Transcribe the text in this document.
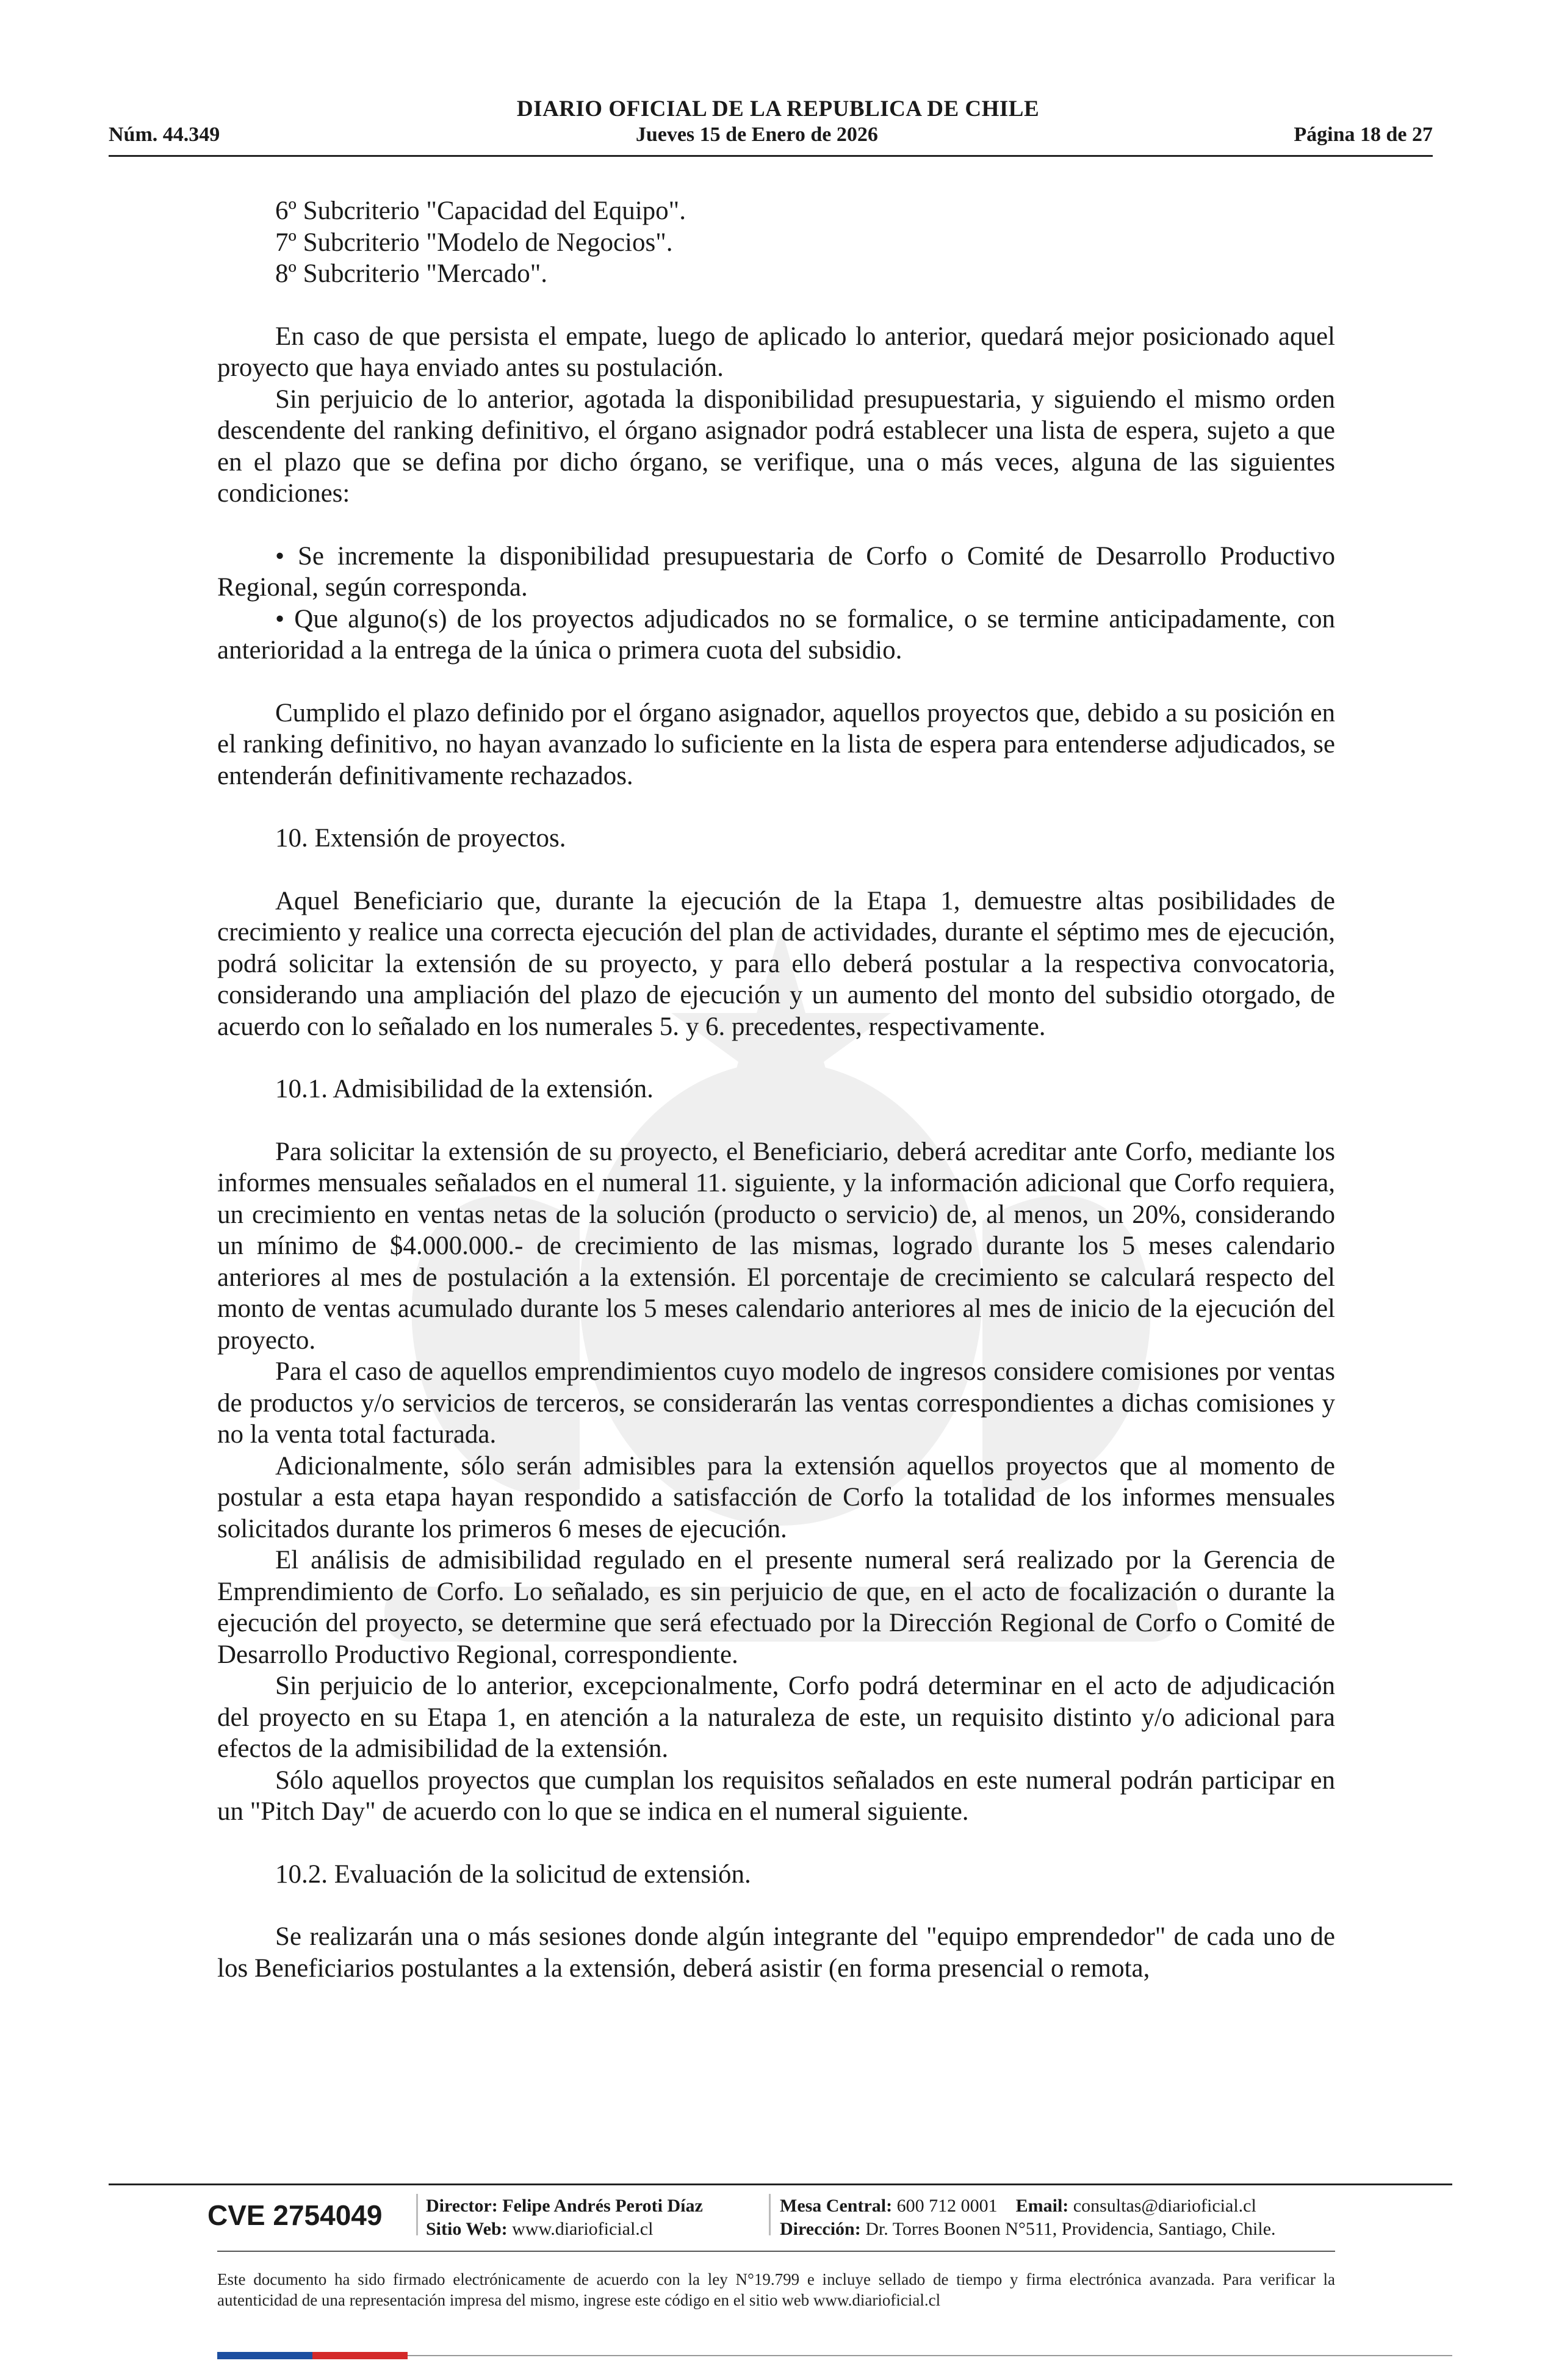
DIARIO OFICIAL DE LA REPUBLICA DE CHILE
Núm. 44.349	Jueves 15 de Enero de 2026	Página 18 de 27

6º Subcriterio "Capacidad del Equipo".

7º Subcriterio "Modelo de Negocios".

8º Subcriterio "Mercado".

En caso de que persista el empate, luego de aplicado lo anterior, quedará mejor posicionado aquel proyecto que haya enviado antes su postulación.

Sin perjuicio de lo anterior, agotada la disponibilidad presupuestaria, y siguiendo el mismo orden descendente del ranking definitivo, el órgano asignador podrá establecer una lista de espera, sujeto a que en el plazo que se defina por dicho órgano, se verifique, una o más veces, alguna de las siguientes condiciones:

• Se incremente la disponibilidad presupuestaria de Corfo o Comité de Desarrollo Productivo Regional, según corresponda.

• Que alguno(s) de los proyectos adjudicados no se formalice, o se termine anticipadamente, con anterioridad a la entrega de la única o primera cuota del subsidio.

Cumplido el plazo definido por el órgano asignador, aquellos proyectos que, debido a su posición en el ranking definitivo, no hayan avanzado lo suficiente en la lista de espera para entenderse adjudicados, se entenderán definitivamente rechazados.

10. Extensión de proyectos.

Aquel Beneficiario que, durante la ejecución de la Etapa 1, demuestre altas posibilidades de crecimiento y realice una correcta ejecución del plan de actividades, durante el séptimo mes de ejecución, podrá solicitar la extensión de su proyecto, y para ello deberá postular a la respectiva convocatoria, considerando una ampliación del plazo de ejecución y un aumento del monto del subsidio otorgado, de acuerdo con lo señalado en los numerales 5. y 6. precedentes, respectivamente.

10.1. Admisibilidad de la extensión.

Para solicitar la extensión de su proyecto, el Beneficiario, deberá acreditar ante Corfo, mediante los informes mensuales señalados en el numeral 11. siguiente, y la información adicional que Corfo requiera, un crecimiento en ventas netas de la solución (producto o servicio) de, al menos, un 20%, considerando un mínimo de $4.000.000.- de crecimiento de las mismas, logrado durante los 5 meses calendario anteriores al mes de postulación a la extensión. El porcentaje de crecimiento se calculará respecto del monto de ventas acumulado durante los 5 meses calendario anteriores al mes de inicio de la ejecución del proyecto.

Para el caso de aquellos emprendimientos cuyo modelo de ingresos considere comisiones por ventas de productos y/o servicios de terceros, se considerarán las ventas correspondientes a dichas comisiones y no la venta total facturada.

Adicionalmente, sólo serán admisibles para la extensión aquellos proyectos que al momento de postular a esta etapa hayan respondido a satisfacción de Corfo la totalidad de los informes mensuales solicitados durante los primeros 6 meses de ejecución.

El análisis de admisibilidad regulado en el presente numeral será realizado por la Gerencia de Emprendimiento de Corfo. Lo señalado, es sin perjuicio de que, en el acto de focalización o durante la ejecución del proyecto, se determine que será efectuado por la Dirección Regional de Corfo o Comité de Desarrollo Productivo Regional, correspondiente.

Sin perjuicio de lo anterior, excepcionalmente, Corfo podrá determinar en el acto de adjudicación del proyecto en su Etapa 1, en atención a la naturaleza de este, un requisito distinto y/o adicional para efectos de la admisibilidad de la extensión.

Sólo aquellos proyectos que cumplan los requisitos señalados en este numeral podrán participar en un "Pitch Day" de acuerdo con lo que se indica en el numeral siguiente.

10.2. Evaluación de la solicitud de extensión.

Se realizarán una o más sesiones donde algún integrante del "equipo emprendedor" de cada uno de los Beneficiarios postulantes a la extensión, deberá asistir (en forma presencial o remota,

CVE 2754049 Director: Felipe Andrés Peroti Díaz
Sitio Web: www.diarioficial.cl
Mesa Central: 600 712 0001 Email: consultas@diarioficial.cl
Dirección: Dr. Torres Boonen N°511, Providencia, Santiago, Chile.
Este documento ha sido firmado electrónicamente de acuerdo con la ley N°19.799 e incluye sellado de tiempo y firma electrónica avanzada. Para verificar la autenticidad de una representación impresa del mismo, ingrese este código en el sitio web www.diarioficial.cl
